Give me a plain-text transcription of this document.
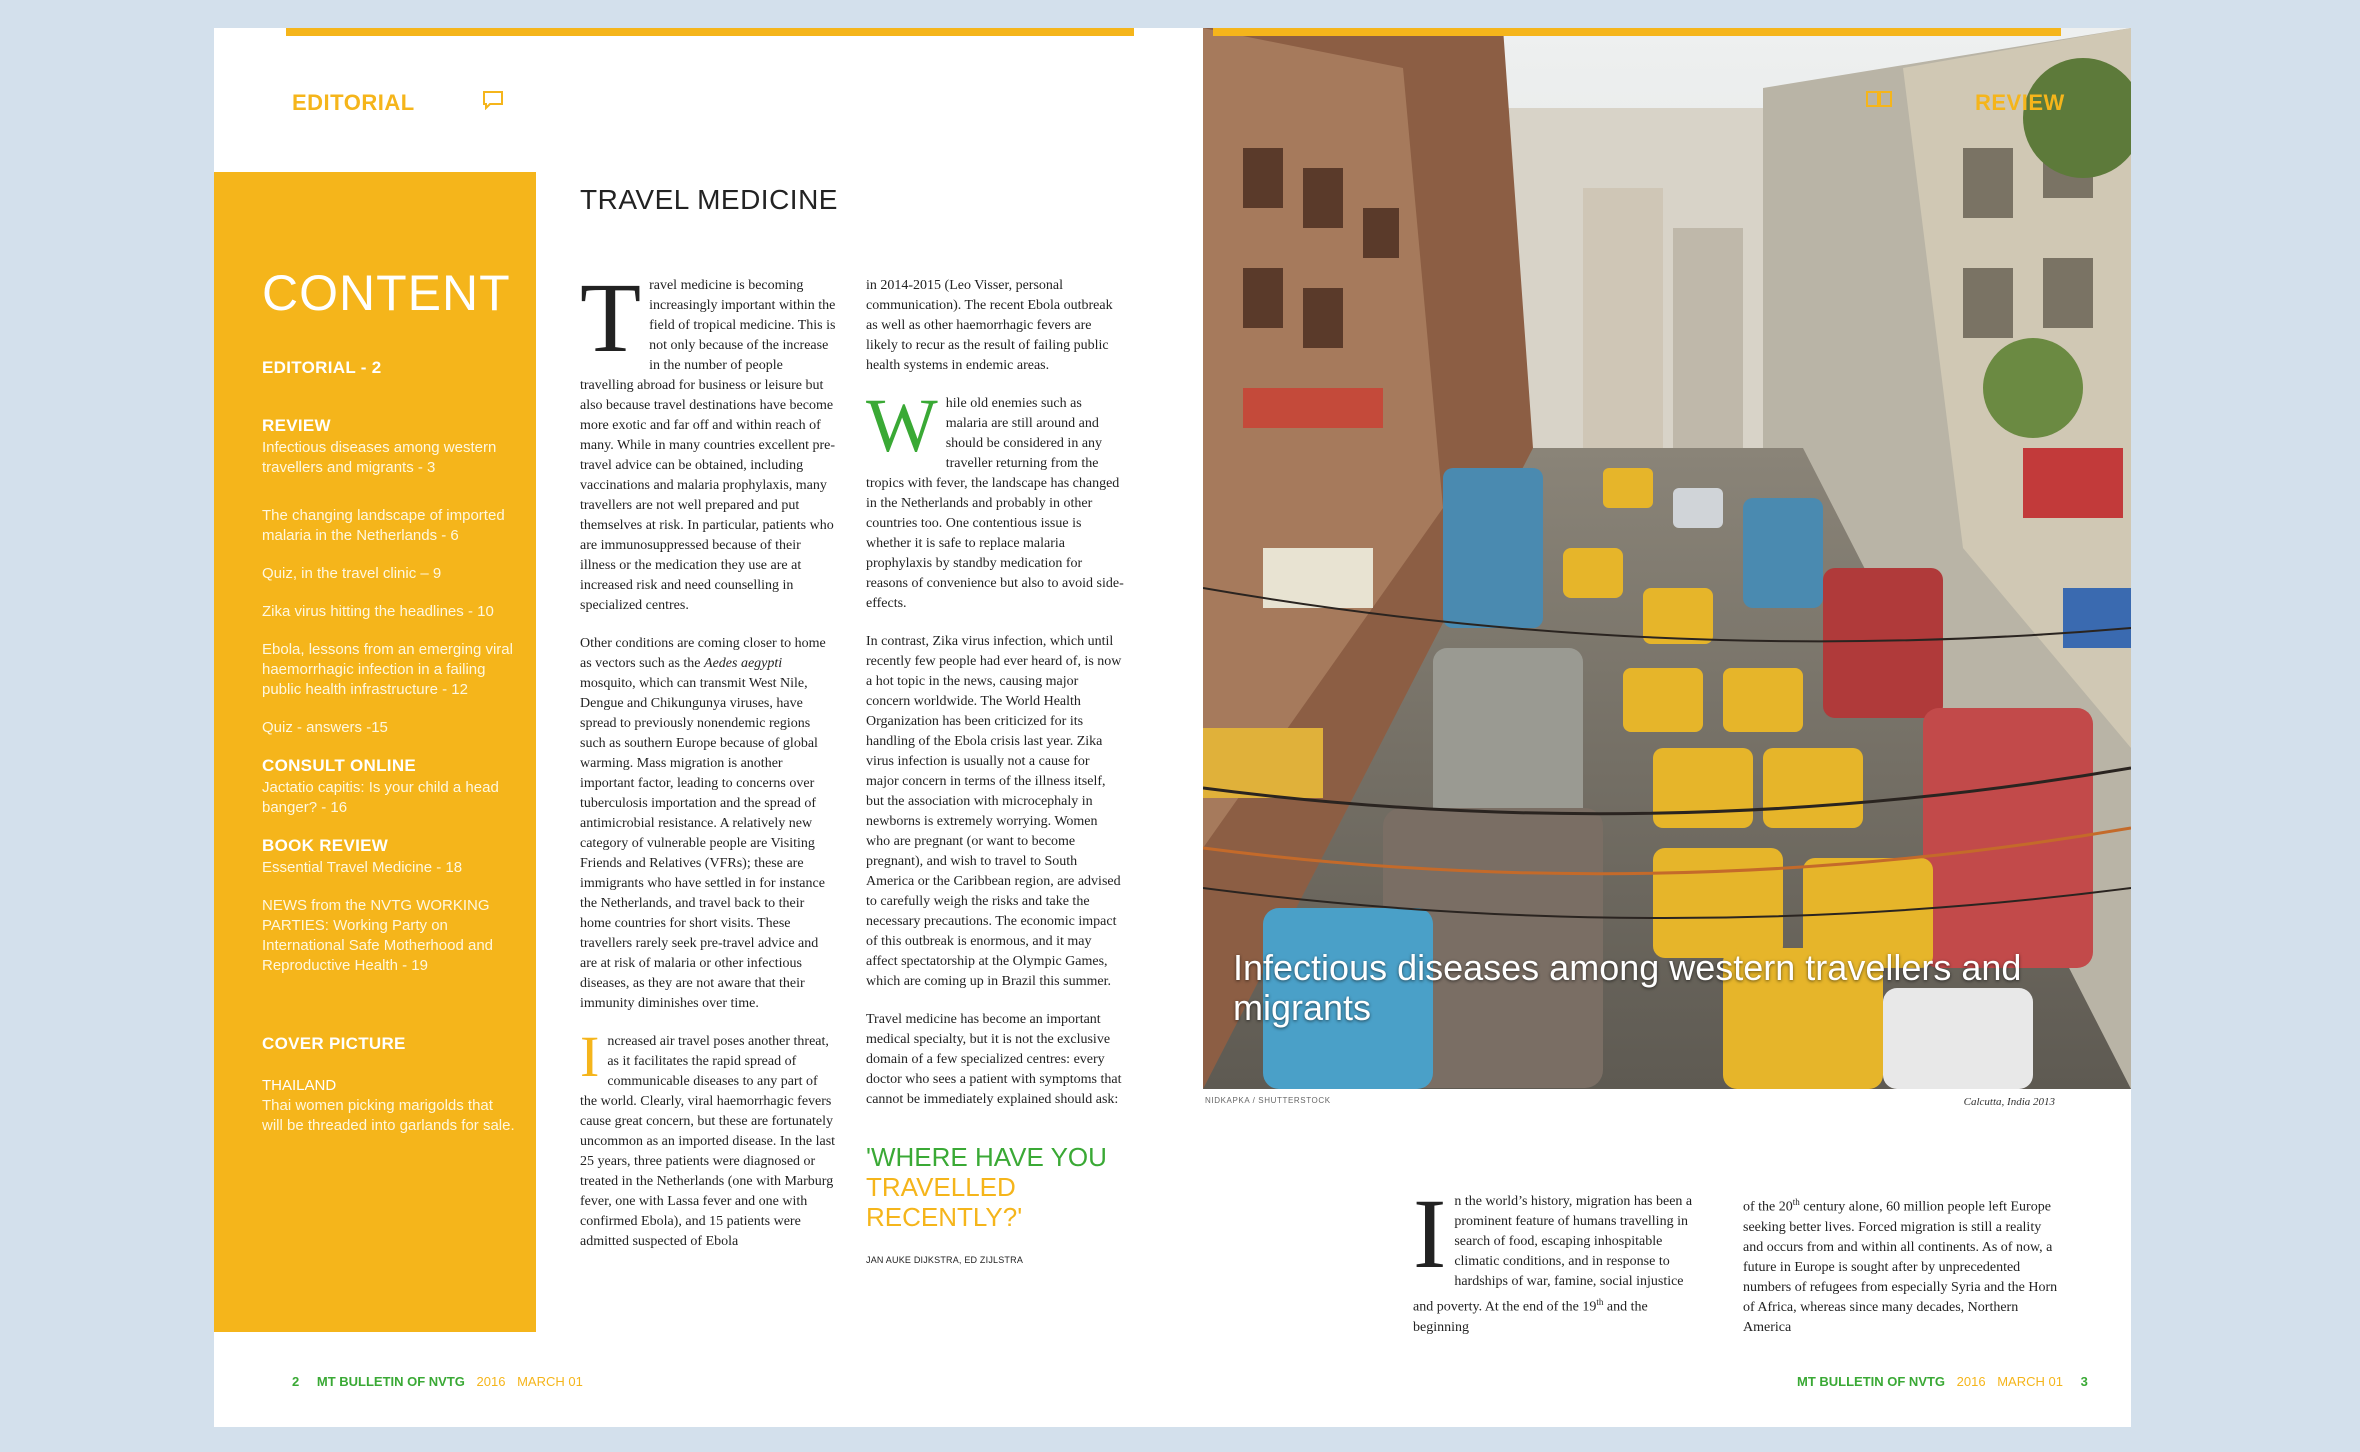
EDITORIAL
CONTENT
EDITORIAL - 2
REVIEW
Infectious diseases among western travellers and migrants - 3
The changing landscape of imported malaria in the Netherlands - 6
Quiz, in the travel clinic – 9
Zika virus hitting the headlines - 10
Ebola, lessons from an emerging viral haemorrhagic infection in a failing public health infrastructure - 12
Quiz - answers -15
CONSULT ONLINE
Jactatio capitis: Is your child a head banger? - 16
BOOK REVIEW
Essential Travel Medicine - 18
NEWS from the NVTG WORKING PARTIES: Working Party on International Safe Motherhood and Reproductive Health - 19
COVER PICTURE
THAILAND
Thai women picking marigolds that will be threaded into garlands for sale.
TRAVEL MEDICINE

Travel medicine is becoming increasingly important within the field of tropical medicine. This is not only because of the increase in the number of people travelling abroad for business or leisure but also because travel destinations have become more exotic and far off and within reach of many. While in many countries excellent pre-travel advice can be obtained, including vaccinations and malaria prophylaxis, many travellers are not well prepared and put themselves at risk. In particular, patients who are immunosuppressed because of their illness or the medication they use are at increased risk and need counselling in specialized centres.

Other conditions are coming closer to home as vectors such as the Aedes aegypti mosquito, which can transmit West Nile, Dengue and Chikungunya viruses, have spread to previously nonendemic regions such as southern Europe because of global warming. Mass migration is another important factor, leading to concerns over tuberculosis importation and the spread of antimicrobial resistance. A relatively new category of vulnerable people are Visiting Friends and Relatives (VFRs); these are immigrants who have settled in for instance the Netherlands, and travel back to their home countries for short visits. These travellers rarely seek pre-travel advice and are at risk of malaria or other infectious diseases, as they are not aware that their immunity diminishes over time.

Increased air travel poses another threat, as it facilitates the rapid spread of communicable diseases to any part of the world. Clearly, viral haemorrhagic fevers cause great concern, but these are fortunately uncommon as an imported disease. In the last 25 years, three patients were diagnosed or treated in the Netherlands (one with Marburg fever, one with Lassa fever and one with confirmed Ebola), and 15 patients were admitted suspected of Ebola

in 2014-2015 (Leo Visser, personal communication). The recent Ebola outbreak as well as other haemorrhagic fevers are likely to recur as the result of failing public health systems in endemic areas.

While old enemies such as malaria are still around and should be considered in any traveller returning from the tropics with fever, the landscape has changed in the Netherlands and probably in other countries too. One contentious issue is whether it is safe to replace malaria prophylaxis by standby medication for reasons of convenience but also to avoid side-effects.

In contrast, Zika virus infection, which until recently few people had ever heard of, is now a hot topic in the news, causing major concern worldwide. The World Health Organization has been criticized for its handling of the Ebola crisis last year. Zika virus infection is usually not a cause for major concern in terms of the illness itself, but the association with microcephaly in newborns is extremely worrying. Women who are pregnant (or want to become pregnant), and wish to travel to South America or the Caribbean region, are advised to carefully weigh the risks and take the necessary precautions. The economic impact of this outbreak is enormous, and it may affect spectatorship at the Olympic Games, which are coming up in Brazil this summer.

Travel medicine has become an important medical specialty, but it is not the exclusive domain of a few specialized centres: every doctor who sees a patient with symptoms that cannot be immediately explained should ask:

'WHERE HAVE YOU TRAVELLED RECENTLY?'
JAN AUKE DIJKSTRA, ED ZIJLSTRA
2 MT BULLETIN OF NVTG 2016 MARCH 01
Infectious diseases among western travellers and migrants
REVIEW
NIDKAPKA / SHUTTERSTOCK	Calcutta, India 2013
In the world’s history, migration has been a prominent feature of humans travelling in search of food, escaping inhospitable climatic conditions, and in response to hardships of war, famine, social injustice and poverty. At the end of the 19th and the beginning
of the 20th century alone, 60 million people left Europe seeking better lives. Forced migration is still a reality and occurs from and within all continents. As of now, a future in Europe is sought after by unprecedented numbers of refugees from especially Syria and the Horn of Africa, whereas since many decades, Northern America
MT BULLETIN OF NVTG 2016 MARCH 01 3
